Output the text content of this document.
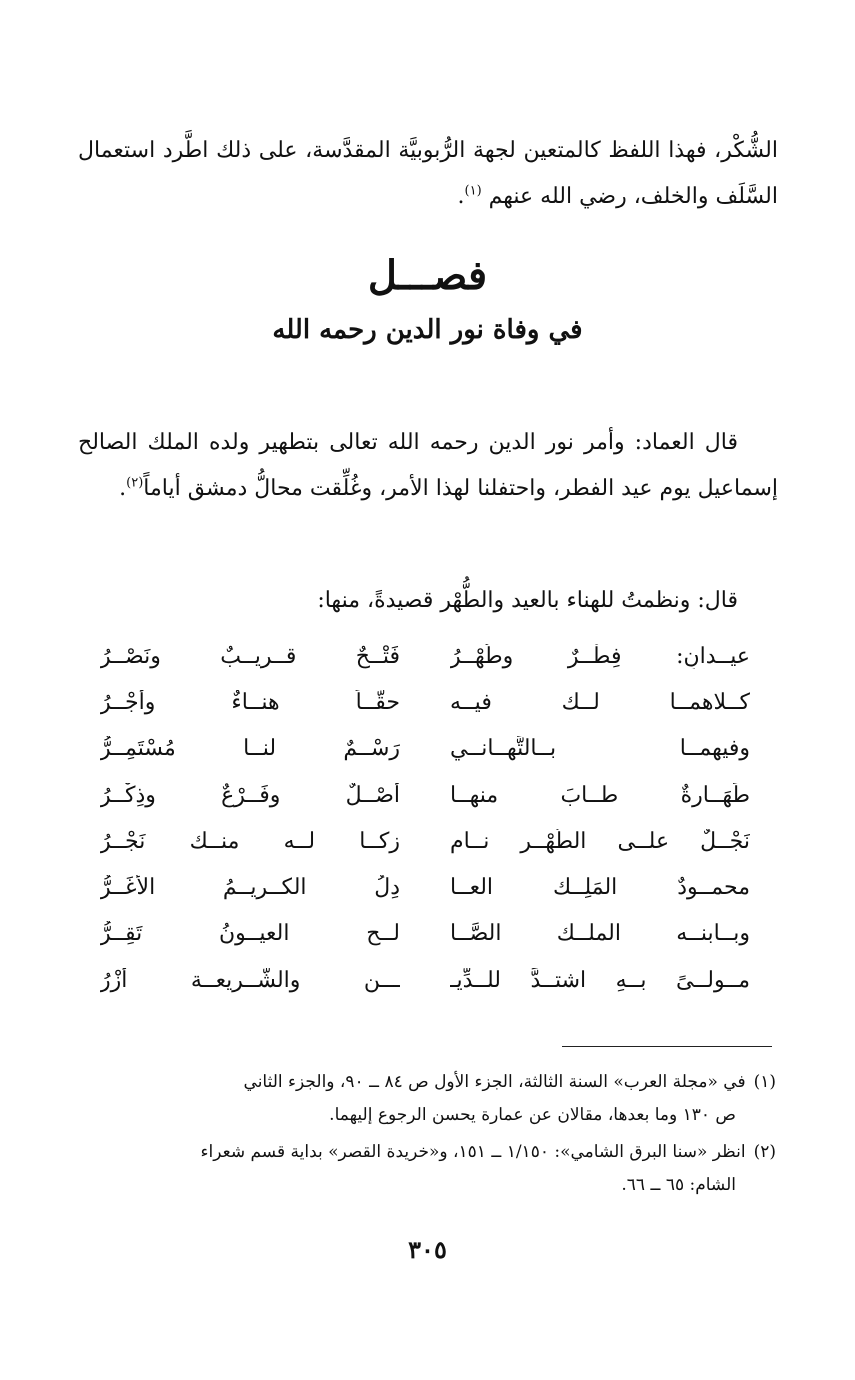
الشُّكْر، فهذا اللفظ كالمتعين لجهة الرُّبوبيَّة المقدَّسة، على ذلك اطَّرد استعمال السَّلَف والخلف، رضي الله عنهم $^{(١)}$.

فصـــل
في وفاة نور الدين رحمه الله

قال العماد: وأمر نور الدين رحمه الله تعالى بتطهير ولده الملك الصالح إسماعيل يوم عيد الفطر، واحتفلنا لهذا الأمر، وغُلِّقت محالُّ دمشق أياماً$^{(٢)}$.

قال: ونظمتُ للهناء بالعيد والطُّهْر قصيدةً، منها:

عيــدانِ: فِطْــرٌ وطُهْــرُ
فَتْــحٌ قــريــبٌ ونَصْــرُ
كــلاهمــا لــك فيــه
حقّــاً هنــاءٌ وأجْــرُ
وفيهمــا بــالتَّهــانــي
رَسْــمٌ لنــا مُسْتَمِــرُّ
طَهَــارةٌ طــابَ منهــا
أَصْــلٌ وفَــرْعٌ وذِكْــرُ
نَجْــلٌ علــى الطُّهْــرِ نــامٍ
زكــا لــه منــك نَجْــرُ
محمــودٌ المَلِــك العــا
دِلُ الكــريــمُ الأَغَــرُّ
وبــابنــه الملــك الصَّــا
لــح العيــونُ تَقِــرُّ
مــولــىً بــهِ اشتــدَّ للــدِّيـ
ـــنِ والشَّــريعــة أَزْرُ

(١)في «مجلة العرب» السنة الثالثة، الجزء الأول ص ٨٤ ــ ٩٠، والجزء الثاني
ص ١٣٠ وما بعدها، مقالان عن عمارة يحسن الرجوع إليهما.

(٢)انظر «سنا البرق الشامي»: ١/١٥٠ ــ ١٥١، و«خريدة القصر» بداية قسم شعراء
الشام: ٦٥ ــ ٦٦.

٣٠٥
